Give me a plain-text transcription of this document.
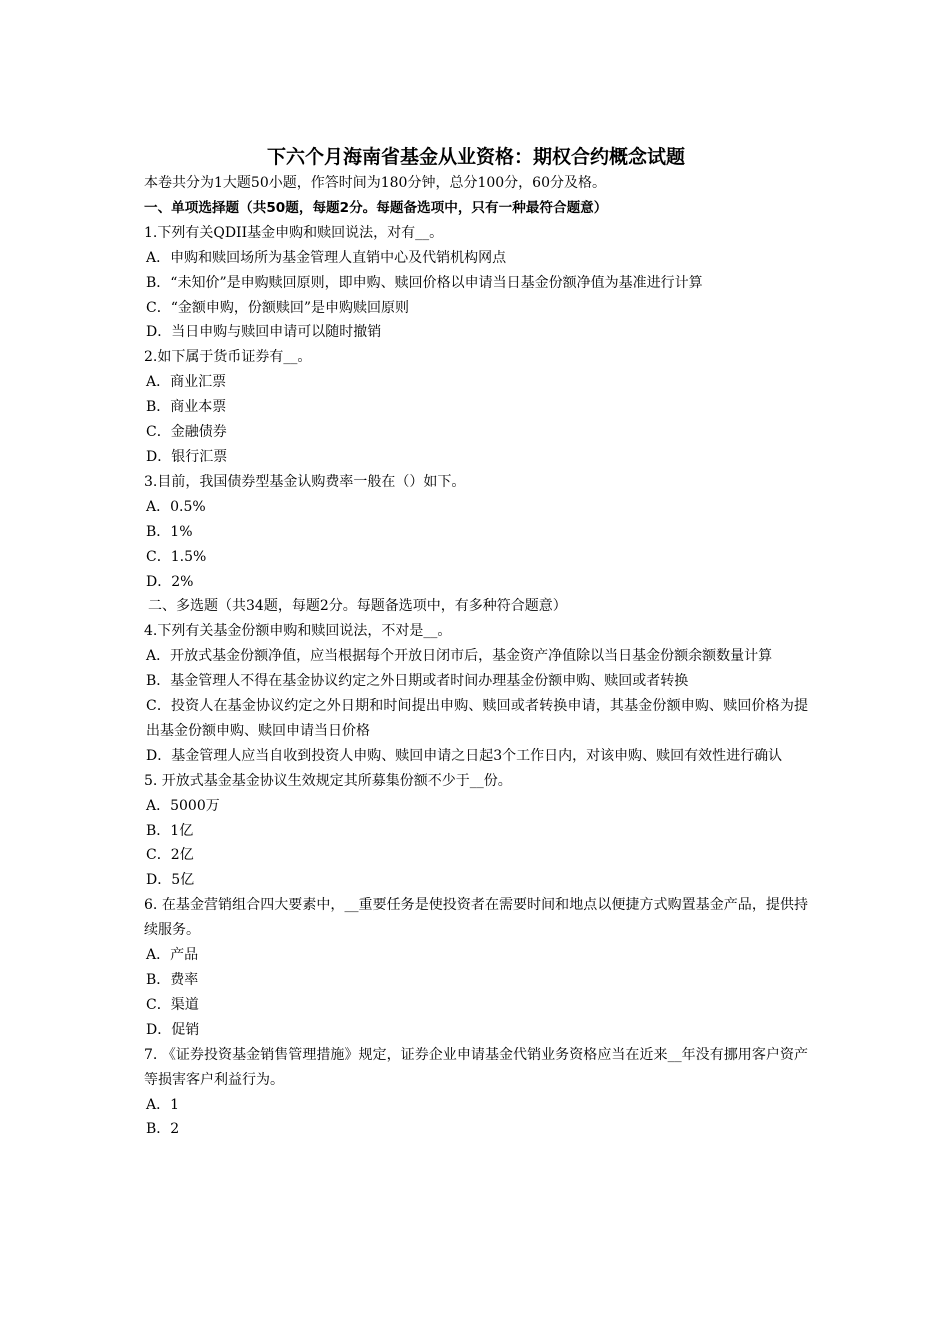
下六个月海南省基金从业资格：期权合约概念试题

本卷共分为1大题50小题，作答时间为180分钟，总分100分，60分及格。

一、单项选择题（共50题，每题2分。每题备选项中，只有一种最符合题意）

1.下列有关QDII基金申购和赎回说法，对有__。

A．申购和赎回场所为基金管理人直销中心及代销机构网点

B．“未知价”是申购赎回原则，即申购、赎回价格以申请当日基金份额净值为基准进行计算

C．“金额申购，份额赎回”是申购赎回原则

D．当日申购与赎回申请可以随时撤销

2.如下属于货币证券有__。

A．商业汇票

B．商业本票

C．金融债券

D．银行汇票

3.目前，我国债券型基金认购费率一般在（）如下。

A．0.5%

B．1%

C．1.5%

D．2%

二、多选题（共34题，每题2分。每题备选项中，有多种符合题意）

4.下列有关基金份额申购和赎回说法，不对是__。

A．开放式基金份额净值，应当根据每个开放日闭市后，基金资产净值除以当日基金份额余额数量计算

B．基金管理人不得在基金协议约定之外日期或者时间办理基金份额申购、赎回或者转换

C．投资人在基金协议约定之外日期和时间提出申购、赎回或者转换申请，其基金份额申购、赎回价格为提出基金份额申购、赎回申请当日价格

D．基金管理人应当自收到投资人申购、赎回申请之日起3个工作日内，对该申购、赎回有效性进行确认

5. 开放式基金基金协议生效规定其所募集份额不少于__份。

A．5000万

B．1亿

C．2亿

D．5亿

6. 在基金营销组合四大要素中，__重要任务是使投资者在需要时间和地点以便捷方式购置基金产品，提供持续服务。

A．产品

B．费率

C．渠道

D．促销

7. 《证券投资基金销售管理措施》规定，证券企业申请基金代销业务资格应当在近来__年没有挪用客户资产等损害客户利益行为。

A．1

B．2
